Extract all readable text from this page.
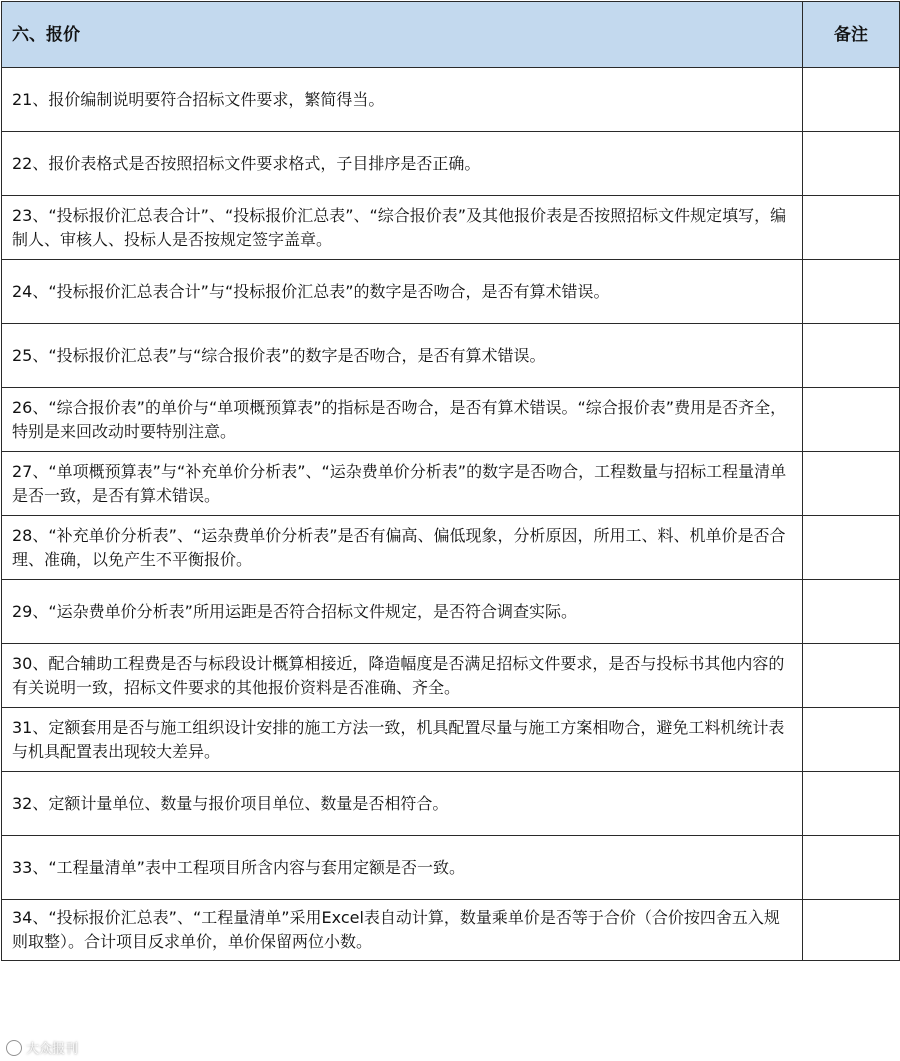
六、报价	备注
21、报价编制说明要符合招标文件要求，繁简得当。	
22、报价表格式是否按照招标文件要求格式，子目排序是否正确。	
23、“投标报价汇总表合计”、“投标报价汇总表”、“综合报价表”及其他报价表是否按照招标文件规定填写，编制人、审核人、投标人是否按规定签字盖章。	
24、“投标报价汇总表合计”与“投标报价汇总表”的数字是否吻合，是否有算术错误。	
25、“投标报价汇总表”与“综合报价表”的数字是否吻合，是否有算术错误。	
26、“综合报价表”的单价与“单项概预算表”的指标是否吻合，是否有算术错误。“综合报价表”费用是否齐全，特别是来回改动时要特别注意。	
27、“单项概预算表”与“补充单价分析表”、“运杂费单价分析表”的数字是否吻合，工程数量与招标工程量清单是否一致，是否有算术错误。	
28、“补充单价分析表”、“运杂费单价分析表”是否有偏高、偏低现象，分析原因，所用工、料、机单价是否合理、准确，以免产生不平衡报价。	
29、“运杂费单价分析表”所用运距是否符合招标文件规定，是否符合调查实际。	
30、配合辅助工程费是否与标段设计概算相接近，降造幅度是否满足招标文件要求，是否与投标书其他内容的有关说明一致，招标文件要求的其他报价资料是否准确、齐全。	
31、定额套用是否与施工组织设计安排的施工方法一致，机具配置尽量与施工方案相吻合，避免工料机统计表与机具配置表出现较大差异。	
32、定额计量单位、数量与报价项目单位、数量是否相符合。	
33、“工程量清单”表中工程项目所含内容与套用定额是否一致。	
34、“投标报价汇总表”、“工程量清单”采用Excel表自动计算，数量乘单价是否等于合价（合价按四舍五入规则取整）。合计项目反求单价，单价保留两位小数。	
大众报刊
